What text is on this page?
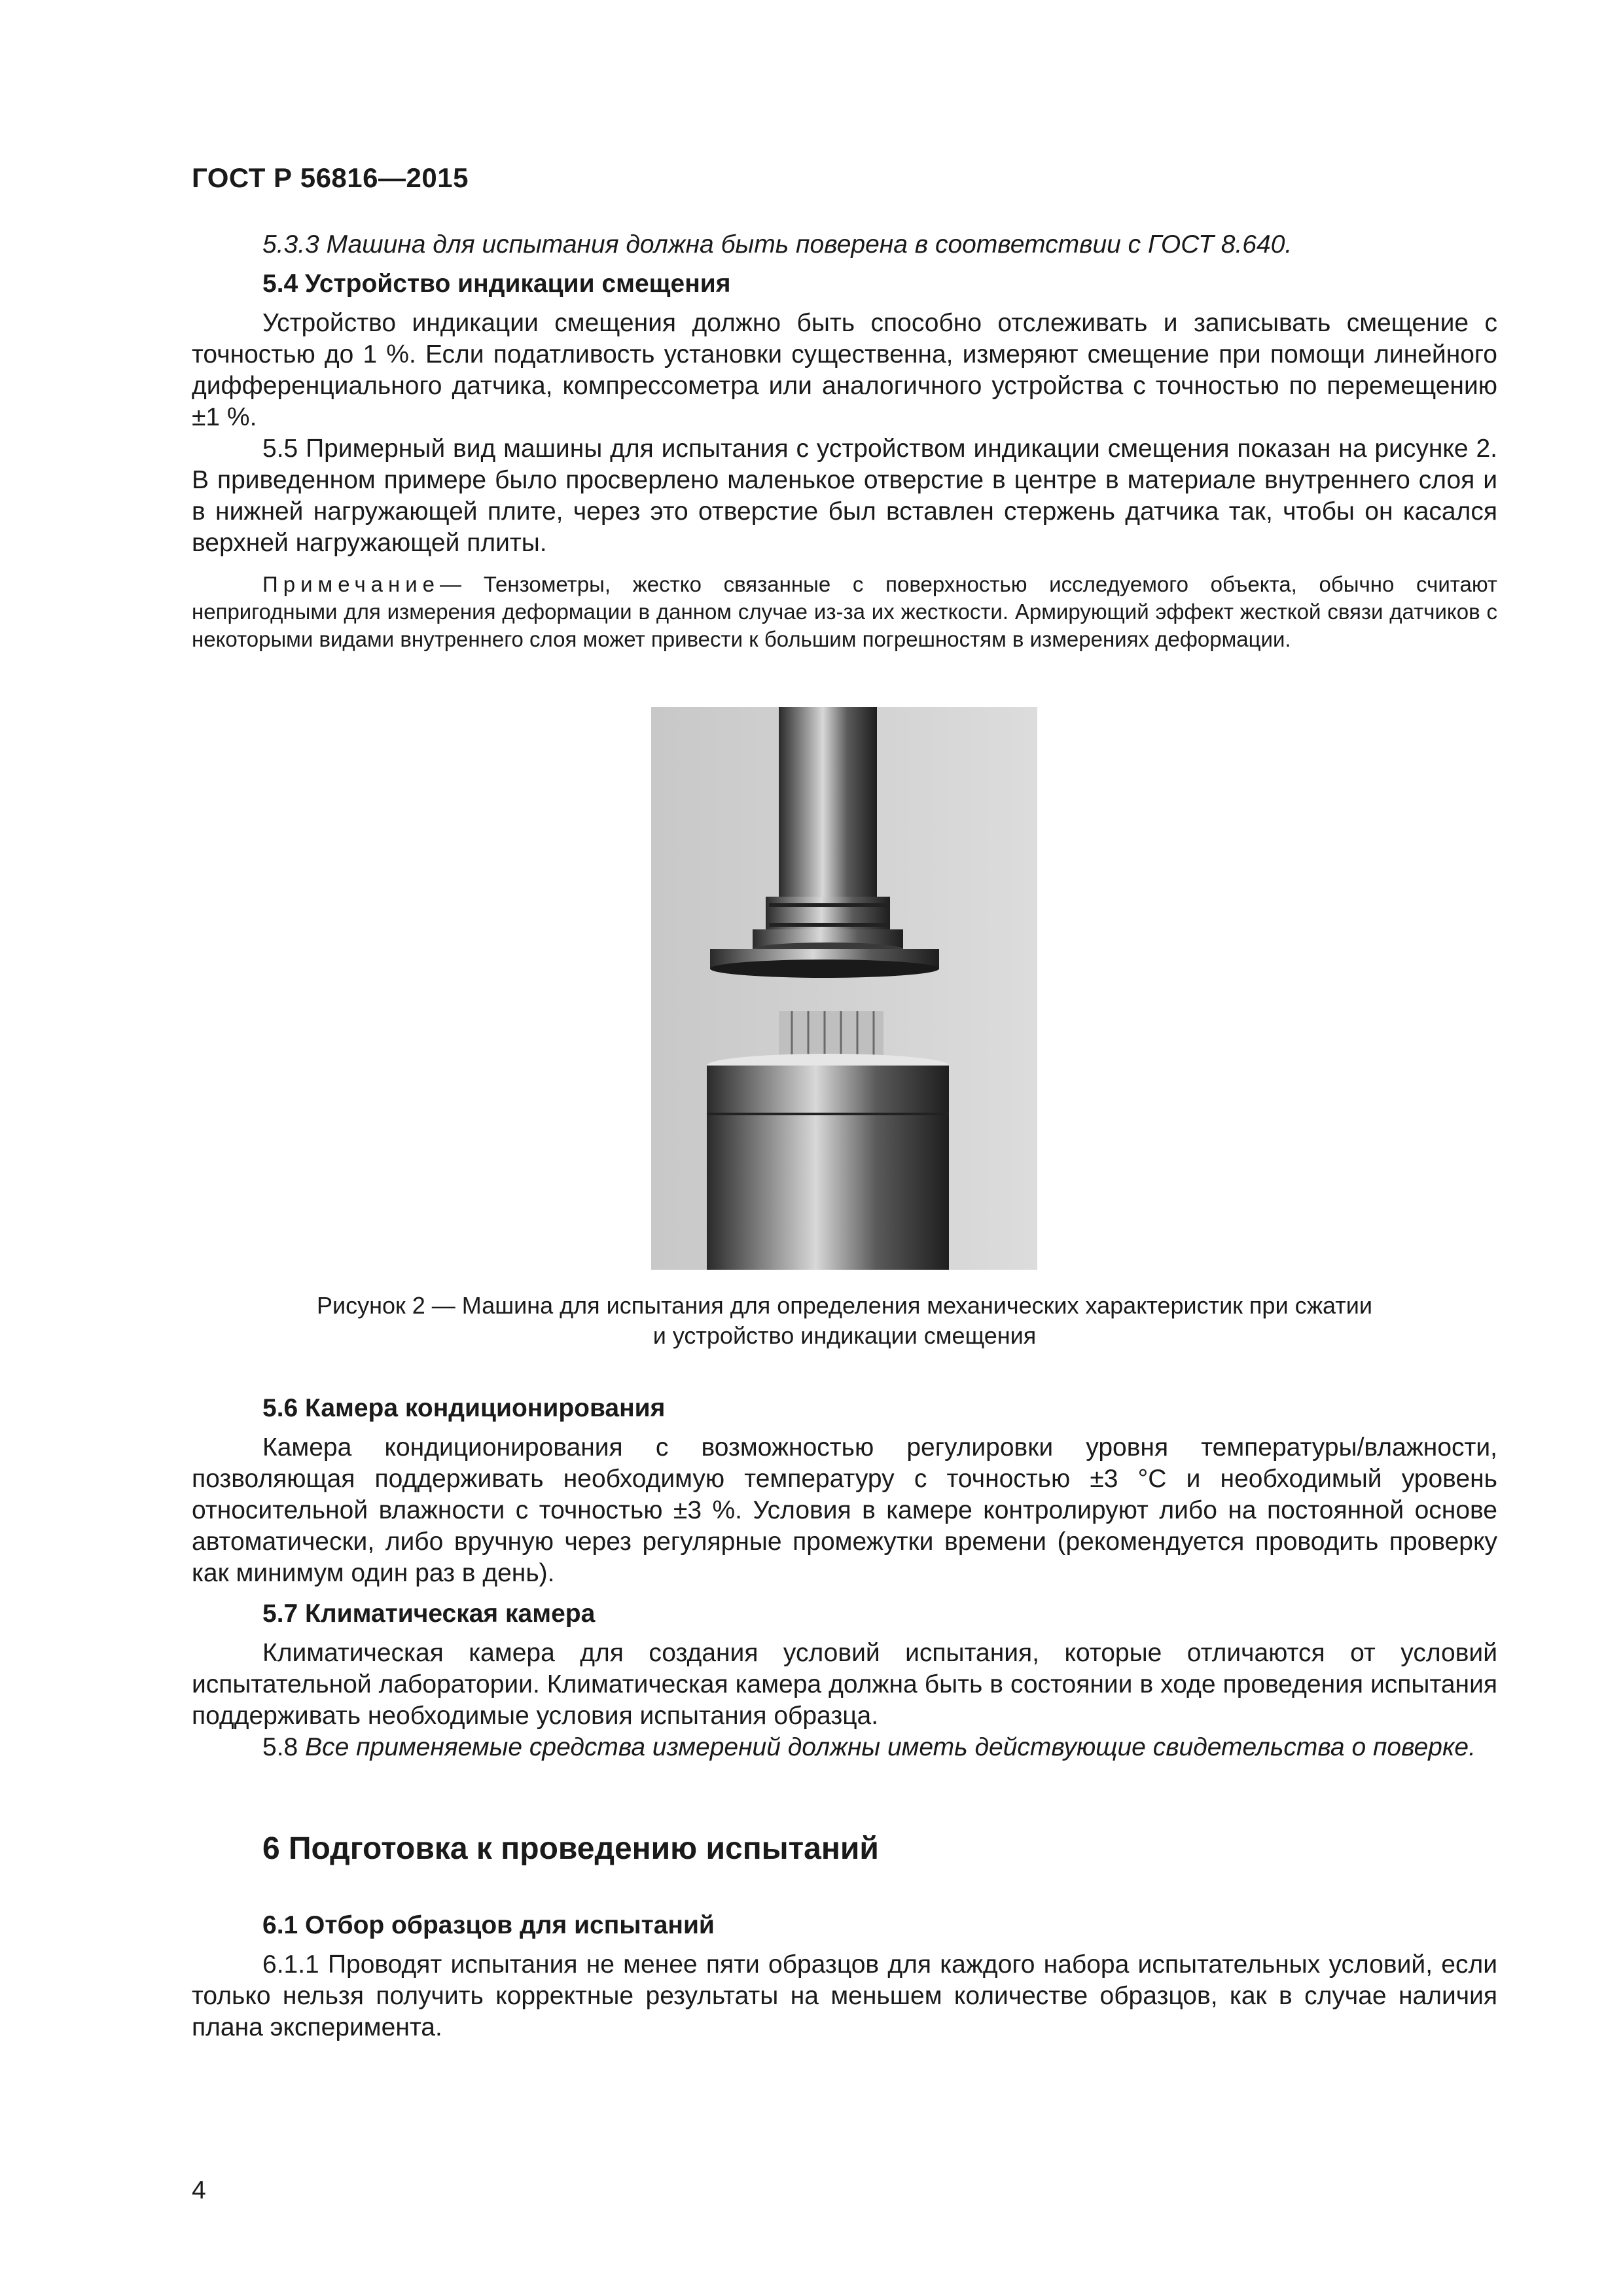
ГОСТ Р 56816—2015

5.3.3 Машина для испытания должна быть поверена в соответствии с ГОСТ 8.640.

5.4 Устройство индикации смещения

Устройство индикации смещения должно быть способно отслеживать и записывать смещение с точностью до 1 %. Если податливость установки существенна, измеряют смещение при помощи линейного дифференциального датчика, компрессометра или аналогичного устройства с точностью по перемещению ±1 %.

5.5 Примерный вид машины для испытания с устройством индикации смещения показан на рисунке 2. В приведенном примере было просверлено маленькое отверстие в центре в материале внутреннего слоя и в нижней нагружающей плите, через это отверстие был вставлен стержень датчика так, чтобы он касался верхней нагружающей плиты.

Примечание— Тензометры, жестко связанные с поверхностью исследуемого объекта, обычно считают непригодными для измерения деформации в данном случае из-за их жесткости. Армирующий эффект жесткой связи датчиков с некоторыми видами внутреннего слоя может привести к большим погрешностям в измерениях деформации.

Рисунок 2 — Машина для испытания для определения механических характеристик при сжатии
и устройство индикации смещения
5.6 Камера кондиционирования

Камера кондиционирования с возможностью регулировки уровня температуры/влажности, позволяющая поддерживать необходимую температуру с точностью ±3 °С и необходимый уровень относительной влажности с точностью ±3 %. Условия в камере контролируют либо на постоянной основе автоматически, либо вручную через регулярные промежутки времени (рекомендуется проводить проверку как минимум один раз в день).

5.7 Климатическая камера

Климатическая камера для создания условий испытания, которые отличаются от условий испытательной лаборатории. Климатическая камера должна быть в состоянии в ходе проведения испытания поддерживать необходимые условия испытания образца.

5.8 Все применяемые средства измерений должны иметь действующие свидетельства о поверке.

6 Подготовка к проведению испытаний
6.1 Отбор образцов для испытаний

6.1.1 Проводят испытания не менее пяти образцов для каждого набора испытательных условий, если только нельзя получить корректные результаты на меньшем количестве образцов, как в случае наличия плана эксперимента.

4
